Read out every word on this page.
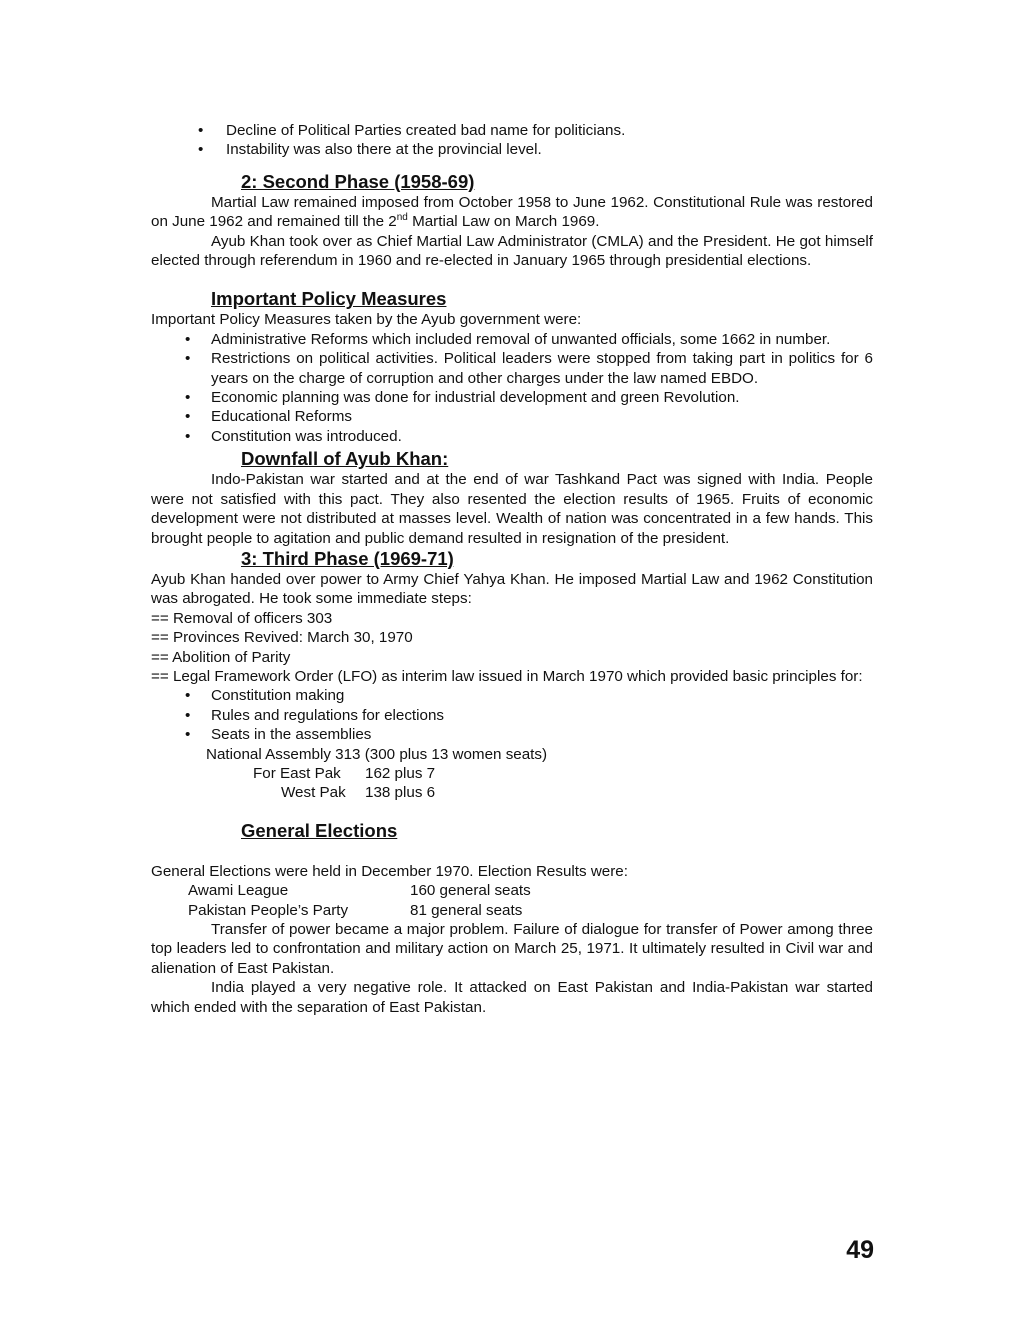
• Decline of Political Parties created bad name for politicians.
• Instability was also there at the provincial level.

2: Second Phase (1958-69)

Martial Law remained imposed from October 1958 to June 1962. Constitutional Rule was restored on June 1962 and remained till the 2nd Martial Law on March 1969.

Ayub Khan took over as Chief Martial Law Administrator (CMLA) and the President. He got himself elected through referendum in 1960 and re-elected in January 1965 through presidential elections.

Important Policy Measures

Important Policy Measures taken by the Ayub government were:

• Administrative Reforms which included removal of unwanted officials, some 1662 in number.
• Restrictions on political activities. Political leaders were stopped from taking part in politics for 6 years on the charge of corruption and other charges under the law named EBDO.
• Economic planning was done for industrial development and green Revolution.
• Educational Reforms
• Constitution was introduced.

Downfall of Ayub Khan:

Indo-Pakistan war started and at the end of war Tashkand Pact was signed with India. People were not satisfied with this pact. They also resented the election results of 1965. Fruits of economic development were not distributed at masses level. Wealth of nation was concentrated in a few hands. This brought people to agitation and public demand resulted in resignation of the president.

3: Third Phase (1969-71)

Ayub Khan handed over power to Army Chief Yahya Khan. He imposed Martial Law and 1962 Constitution was abrogated. He took some immediate steps:

== Removal of officers 303

== Provinces Revived: March 30, 1970

== Abolition of Parity

== Legal Framework Order (LFO) as interim law issued in March 1970 which provided basic principles for:

• Constitution making
• Rules and regulations for elections
• Seats in the assemblies

National Assembly 313 (300 plus 13 women seats)

For East Pak	162 plus 7
West Pak	138 plus 6

General Elections

General Elections were held in December 1970. Election Results were:

Awami League	160 general seats
Pakistan People’s Party	81 general seats

Transfer of power became a major problem. Failure of dialogue for transfer of Power among three top leaders led to confrontation and military action on March 25, 1971. It ultimately resulted in Civil war and alienation of East Pakistan.

India played a very negative role. It attacked on East Pakistan and India-Pakistan war started which ended with the separation of East Pakistan.

49
